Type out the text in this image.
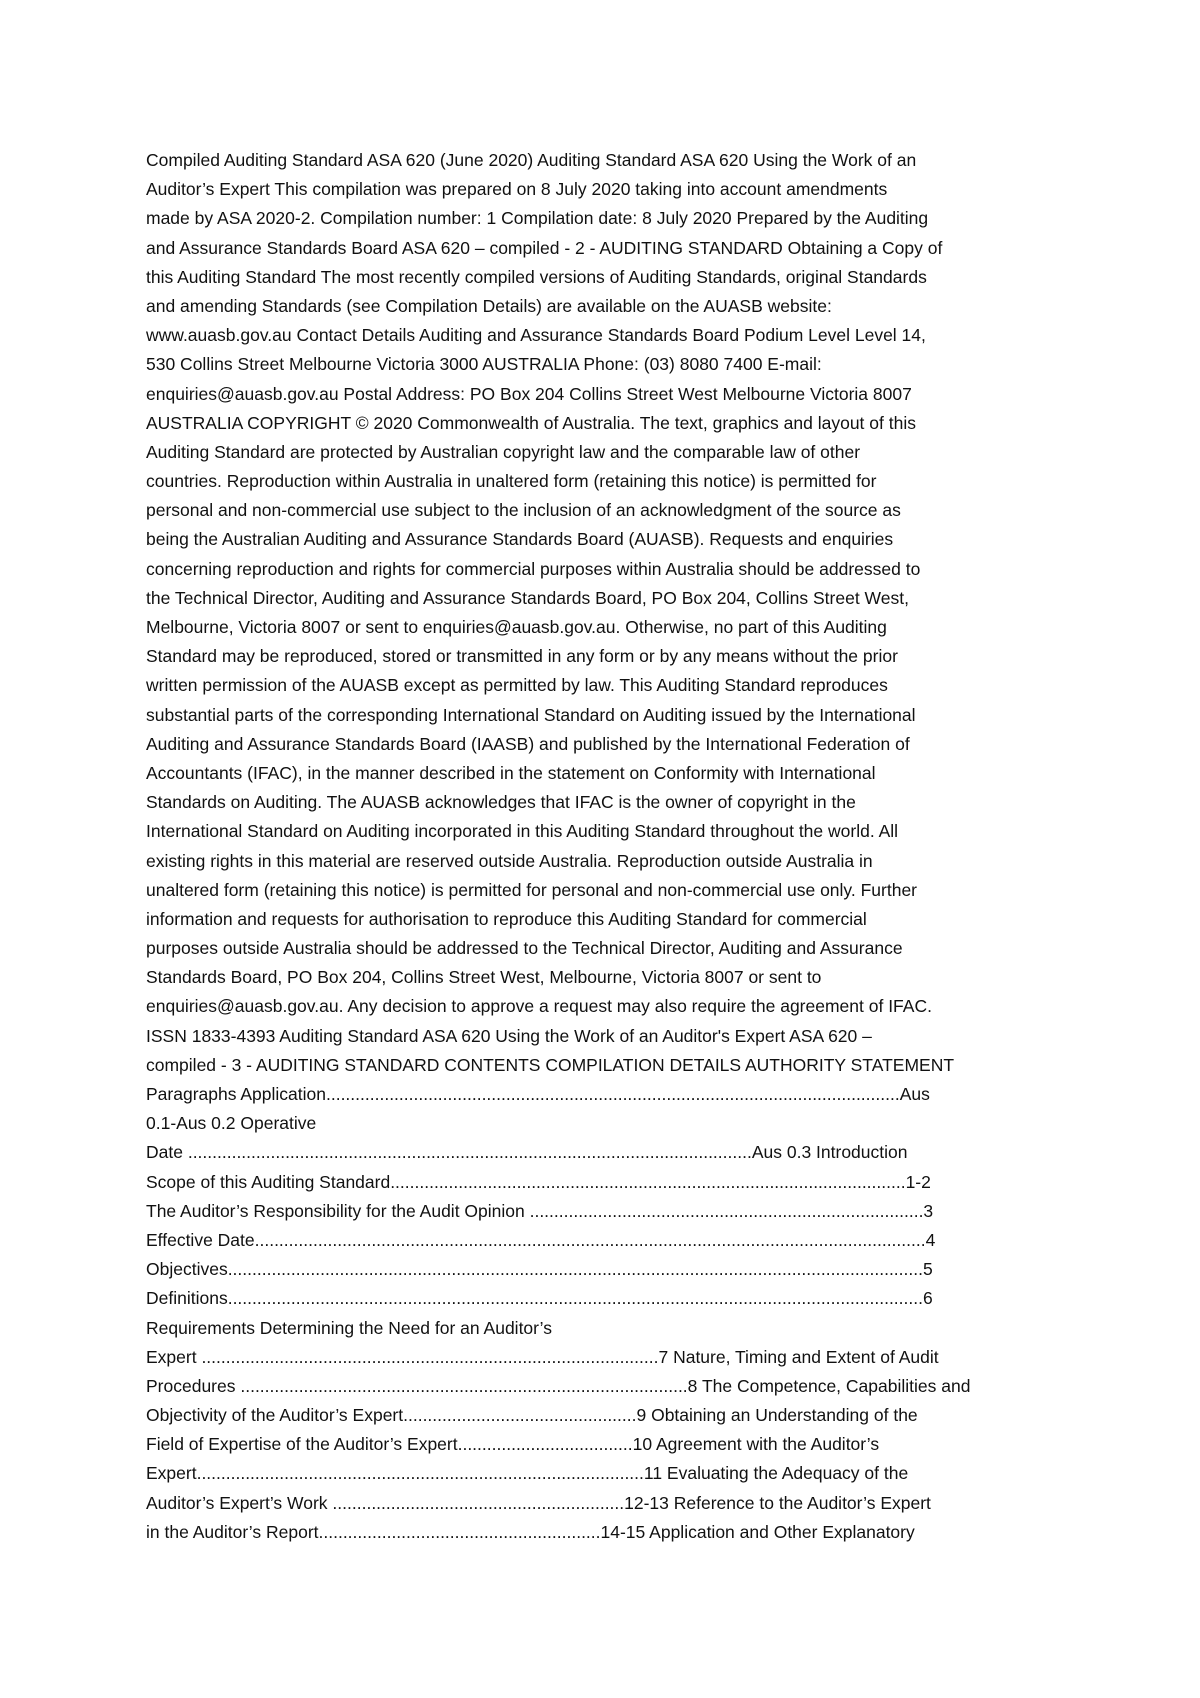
Compiled Auditing Standard ASA 620 (June 2020) Auditing Standard ASA 620 Using the Work of an
Auditor’s Expert This compilation was prepared on 8 July 2020 taking into account amendments
made by ASA 2020-2. Compilation number: 1 Compilation date: 8 July 2020 Prepared by the Auditing
and Assurance Standards Board ASA 620 – compiled - 2 - AUDITING STANDARD Obtaining a Copy of
this Auditing Standard The most recently compiled versions of Auditing Standards, original Standards
and amending Standards (see Compilation Details) are available on the AUASB website:
www.auasb.gov.au Contact Details Auditing and Assurance Standards Board Podium Level Level 14,
530 Collins Street Melbourne Victoria 3000 AUSTRALIA Phone: (03) 8080 7400 E-mail:
enquiries@auasb.gov.au Postal Address: PO Box 204 Collins Street West Melbourne Victoria 8007
AUSTRALIA COPYRIGHT © 2020 Commonwealth of Australia. The text, graphics and layout of this
Auditing Standard are protected by Australian copyright law and the comparable law of other
countries. Reproduction within Australia in unaltered form (retaining this notice) is permitted for
personal and non-commercial use subject to the inclusion of an acknowledgment of the source as
being the Australian Auditing and Assurance Standards Board (AUASB). Requests and enquiries
concerning reproduction and rights for commercial purposes within Australia should be addressed to
the Technical Director, Auditing and Assurance Standards Board, PO Box 204, Collins Street West,
Melbourne, Victoria 8007 or sent to enquiries@auasb.gov.au. Otherwise, no part of this Auditing
Standard may be reproduced, stored or transmitted in any form or by any means without the prior
written permission of the AUASB except as permitted by law. This Auditing Standard reproduces
substantial parts of the corresponding International Standard on Auditing issued by the International
Auditing and Assurance Standards Board (IAASB) and published by the International Federation of
Accountants (IFAC), in the manner described in the statement on Conformity with International
Standards on Auditing. The AUASB acknowledges that IFAC is the owner of copyright in the
International Standard on Auditing incorporated in this Auditing Standard throughout the world. All
existing rights in this material are reserved outside Australia. Reproduction outside Australia in
unaltered form (retaining this notice) is permitted for personal and non-commercial use only. Further
information and requests for authorisation to reproduce this Auditing Standard for commercial
purposes outside Australia should be addressed to the Technical Director, Auditing and Assurance
Standards Board, PO Box 204, Collins Street West, Melbourne, Victoria 8007 or sent to
enquiries@auasb.gov.au. Any decision to approve a request may also require the agreement of IFAC.
ISSN 1833-4393 Auditing Standard ASA 620 Using the Work of an Auditor's Expert ASA 620 –
compiled - 3 - AUDITING STANDARD CONTENTS COMPILATION DETAILS AUTHORITY STATEMENT
Paragraphs Application......................................................................................................................Aus
0.1-Aus 0.2 Operative
Date ....................................................................................................................Aus 0.3 Introduction
Scope of this Auditing Standard..........................................................................................................1-2
The Auditor’s Responsibility for the Audit Opinion .................................................................................3
Effective Date..........................................................................................................................................4
Objectives...............................................................................................................................................5
Definitions...............................................................................................................................................6
Requirements Determining the Need for an Auditor’s
Expert ..............................................................................................7 Nature, Timing and Extent of Audit
Procedures ............................................................................................8 The Competence, Capabilities and
Objectivity of the Auditor’s Expert................................................9 Obtaining an Understanding of the
Field of Expertise of the Auditor’s Expert....................................10 Agreement with the Auditor’s
Expert............................................................................................11 Evaluating the Adequacy of the
Auditor’s Expert’s Work ............................................................12-13 Reference to the Auditor’s Expert
in the Auditor’s Report..........................................................14-15 Application and Other Explanatory
